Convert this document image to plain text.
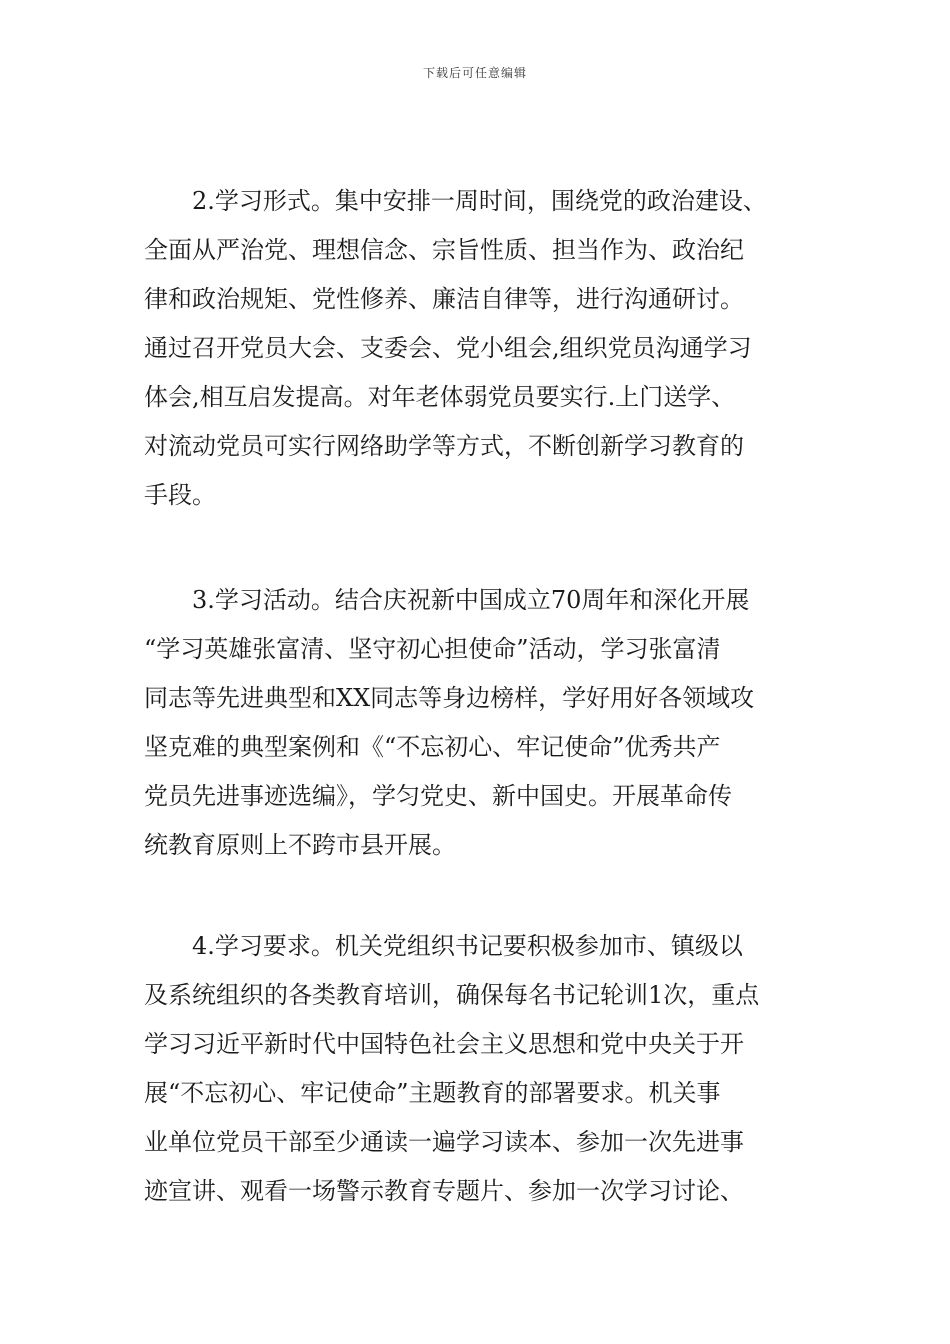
下载后可任意编辑
2.学习形式。集中安排一周时间，围绕党的政治建设、
全面从严治党、理想信念、宗旨性质、担当作为、政治纪
律和政治规矩、党性修养、廉洁自律等，进行沟通研讨。
通过召开党员大会、支委会、党小组会,组织党员沟通学习
体会,相互启发提高。对年老体弱党员要实行.上门送学、
对流动党员可实行网络助学等方式，不断创新学习教育的
手段。
3.学习活动。结合庆祝新中国成立70周年和深化开展
“学习英雄张富清、坚守初心担使命”活动，学习张富清
同志等先进典型和XX同志等身边榜样，学好用好各领域攻
坚克难的典型案例和《“不忘初心、牢记使命”优秀共产
党员先进事迹选编》，学匀党史、新中国史。开展革命传
统教育原则上不跨市县开展。
4.学习要求。机关党组织书记要积极参加市、镇级以
及系统组织的各类教育培训，确保每名书记轮训1次，重点
学习习近平新时代中国特色社会主义思想和党中央关于开
展“不忘初心、牢记使命”主题教育的部署要求。机关事
业单位党员干部至少通读一遍学习读本、参加一次先进事
迹宣讲、观看一场警示教育专题片、参加一次学习讨论、
